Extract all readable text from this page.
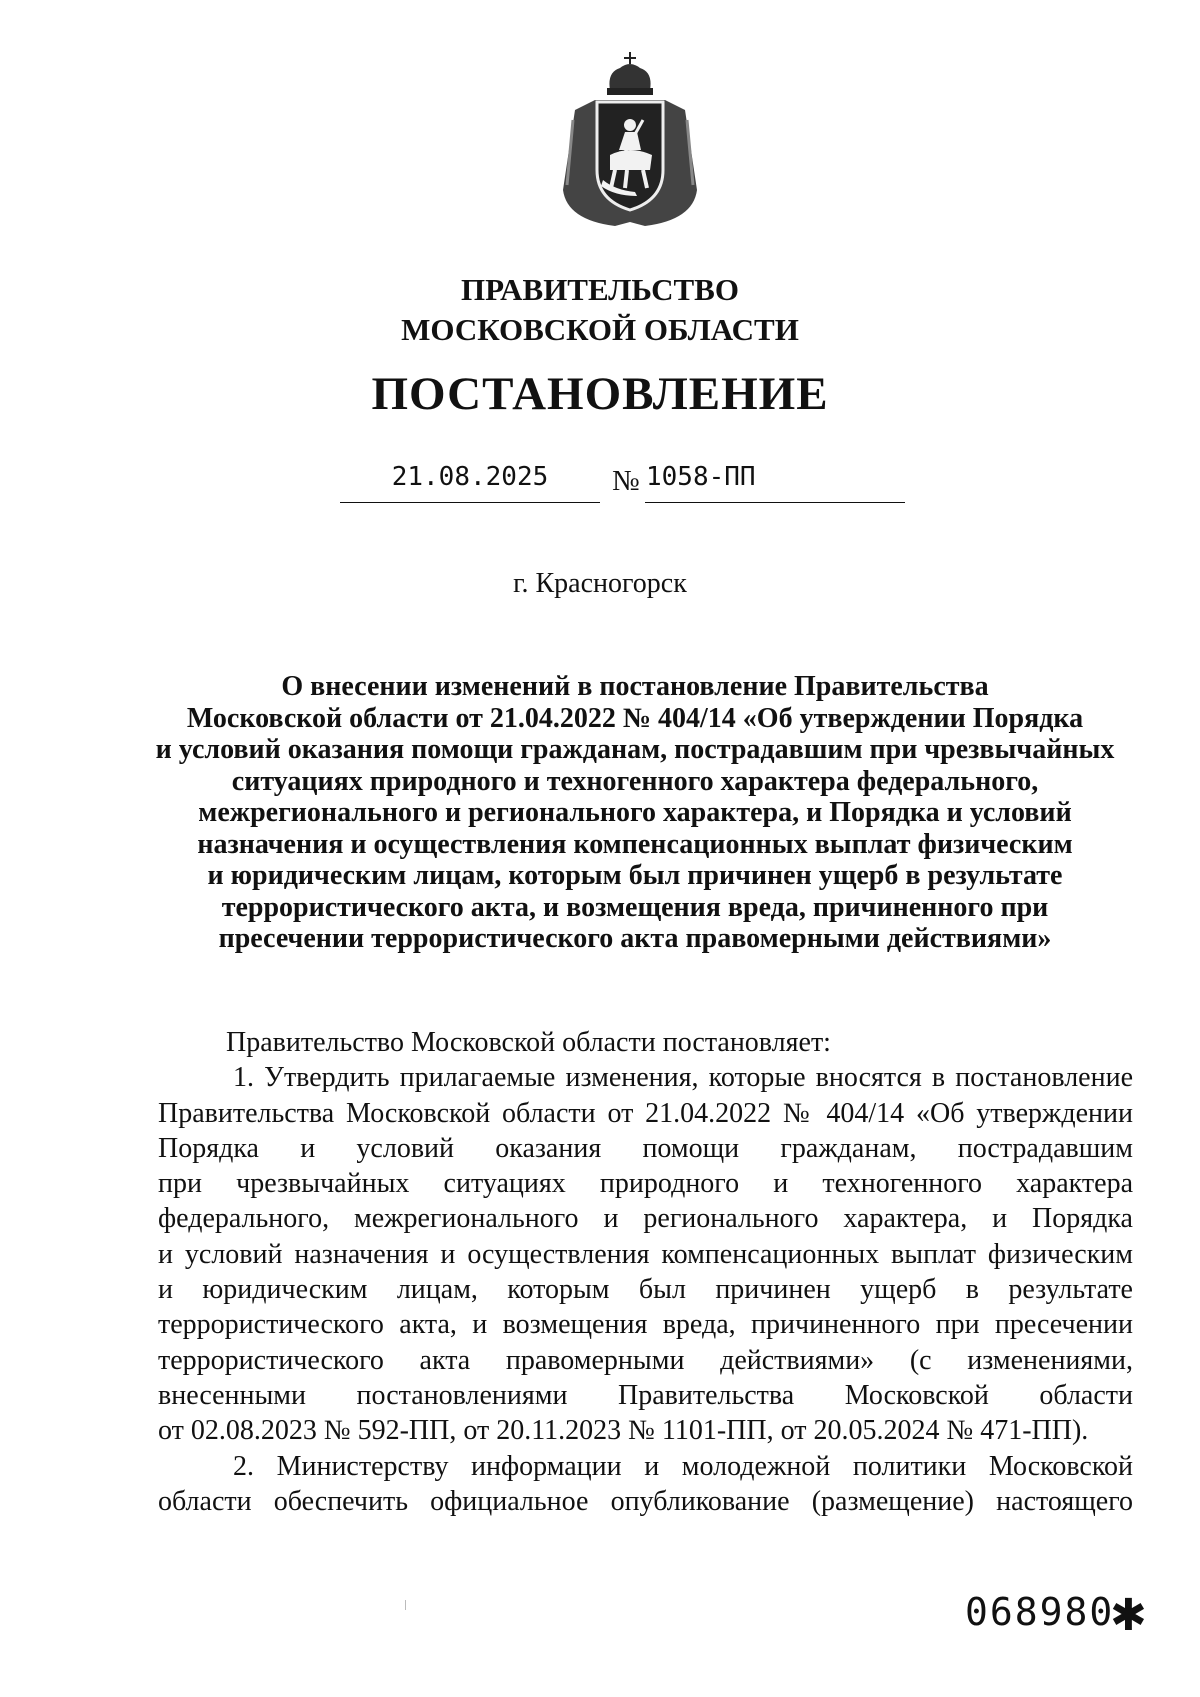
ПРАВИТЕЛЬСТВО
МОСКОВСКОЙ ОБЛАСТИ
ПОСТАНОВЛЕНИЕ
21.08.2025	№ 1058-ПП
г. Красногорск
О внесении изменений в постановление Правительства
Московской области от 21.04.2022 № 404/14 «Об утверждении Порядка
и условий оказания помощи гражданам, пострадавшим при чрезвычайных
ситуациях природного и техногенного характера федерального,
межрегионального и регионального характера, и Порядка и условий
назначения и осуществления компенсационных выплат физическим
и юридическим лицам, которым был причинен ущерб в результате
террористического акта, и возмещения вреда, причиненного при
пресечении террористического акта правомерными действиями»
Правительство Московской области постановляет:
1. Утвердить прилагаемые изменения, которые вносятся в постановление
Правительства Московской области от 21.04.2022 № 404/14 «Об утверждении
Порядка и условий оказания помощи гражданам, пострадавшим
при чрезвычайных ситуациях природного и техногенного характера
федерального, межрегионального и регионального характера, и Порядка
и условий назначения и осуществления компенсационных выплат физическим
и юридическим лицам, которым был причинен ущерб в результате
террористического акта, и возмещения вреда, причиненного при пресечении
террористического акта правомерными действиями» (с изменениями,
внесенными постановлениями Правительства Московской области
от 02.08.2023 № 592-ПП, от 20.11.2023 № 1101-ПП, от 20.05.2024 № 471-ПП).
2. Министерству информации и молодежной политики Московской
области обеспечить официальное опубликование (размещение) настоящего
068980
✱
